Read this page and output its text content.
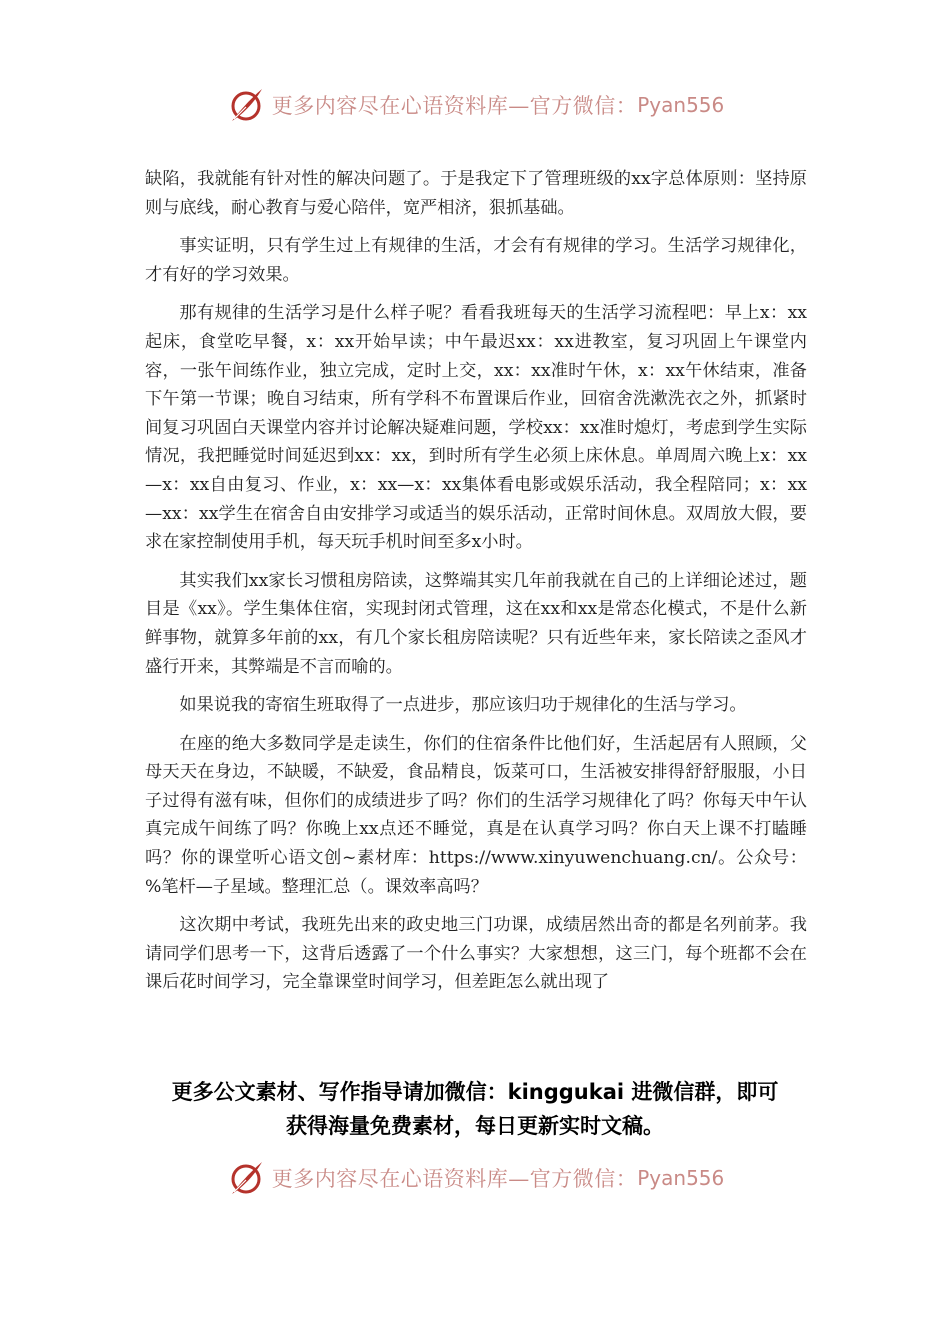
更多内容尽在心语资料库—官方微信： Pyan556

缺陷，我就能有针对性的解决问题了。于是我定下了管理班级的xx字总体原则：坚持原则与底线，耐心教育与爱心陪伴，宽严相济，狠抓基础。

事实证明，只有学生过上有规律的生活，才会有有规律的学习。生活学习规律化，才有好的学习效果。

那有规律的生活学习是什么样子呢？看看我班每天的生活学习流程吧：早上x：xx起床，食堂吃早餐，x：xx开始早读；中午最迟xx：xx进教室，复习巩固上午课堂内容，一张午间练作业，独立完成，定时上交，xx：xx准时午休，x：xx午休结束，准备下午第一节课；晚自习结束，所有学科不布置课后作业，回宿舍洗漱洗衣之外，抓紧时间复习巩固白天课堂内容并讨论解决疑难问题，学校xx：xx准时熄灯，考虑到学生实际情况，我把睡觉时间延迟到xx：xx，到时所有学生必须上床休息。单周周六晚上x：xx—x：xx自由复习、作业，x：xx—x：xx集体看电影或娱乐活动，我全程陪同；x：xx—xx：xx学生在宿舍自由安排学习或适当的娱乐活动，正常时间休息。双周放大假，要求在家控制使用手机，每天玩手机时间至多x小时。

其实我们xx家长习惯租房陪读，这弊端其实几年前我就在自己的上详细论述过，题目是《xx》。学生集体住宿，实现封闭式管理，这在xx和xx是常态化模式，不是什么新鲜事物，就算多年前的xx，有几个家长租房陪读呢？只有近些年来，家长陪读之歪风才盛行开来，其弊端是不言而喻的。

如果说我的寄宿生班取得了一点进步，那应该归功于规律化的生活与学习。

在座的绝大多数同学是走读生，你们的住宿条件比他们好，生活起居有人照顾，父母天天在身边，不缺暖，不缺爱，食品精良，饭菜可口，生活被安排得舒舒服服，小日子过得有滋有味，但你们的成绩进步了吗？你们的生活学习规律化了吗？你每天中午认真完成午间练了吗？你晚上xx点还不睡觉，真是在认真学习吗？你白天上课不打瞌睡吗？你的课堂听心语文创~素材库：https://www.xinyuwenchuang.cn/。公众号：%笔杆—子星域。整理汇总（。课效率高吗？

这次期中考试，我班先出来的政史地三门功课，成绩居然出奇的都是名列前茅。我请同学们思考一下，这背后透露了一个什么事实？大家想想，这三门，每个班都不会在课后花时间学习，完全靠课堂时间学习，但差距怎么就出现了

更多公文素材、写作指导请加微信：kinggukai 进微信群，即可
获得海量免费素材，每日更新实时文稿。
更多内容尽在心语资料库—官方微信： Pyan556
